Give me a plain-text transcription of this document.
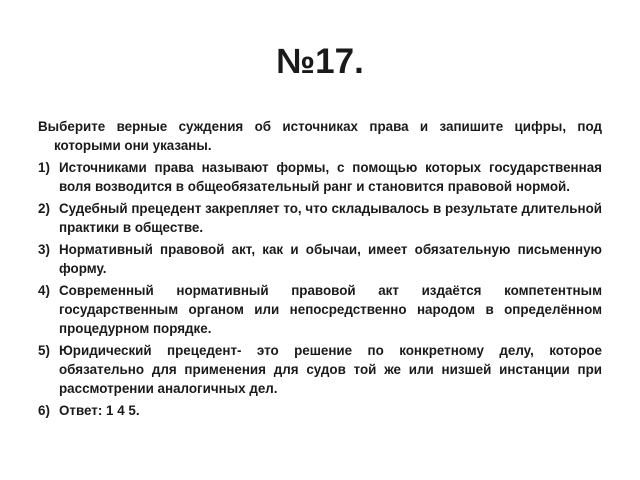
№17.

Выберите верные суждения об источниках права и запишите цифры, под которыми они указаны.

1) Источниками права называют формы, с помощью которых государственная воля возводится в общеобязательный ранг и становится правовой нормой.
2) Судебный прецедент закрепляет то, что складывалось в результате длительной практики в обществе.
3) Нормативный правовой акт, как и обычаи, имеет обязательную письменную форму.
4) Современный нормативный правовой акт издаётся компетентным государственным органом или непосредственно народом в определённом процедурном порядке.
5) Юридический прецедент- это решение по конкретному делу, которое обязательно для применения для судов той же или низшей инстанции при рассмотрении аналогичных дел.
6) Ответ: 1 4 5.
